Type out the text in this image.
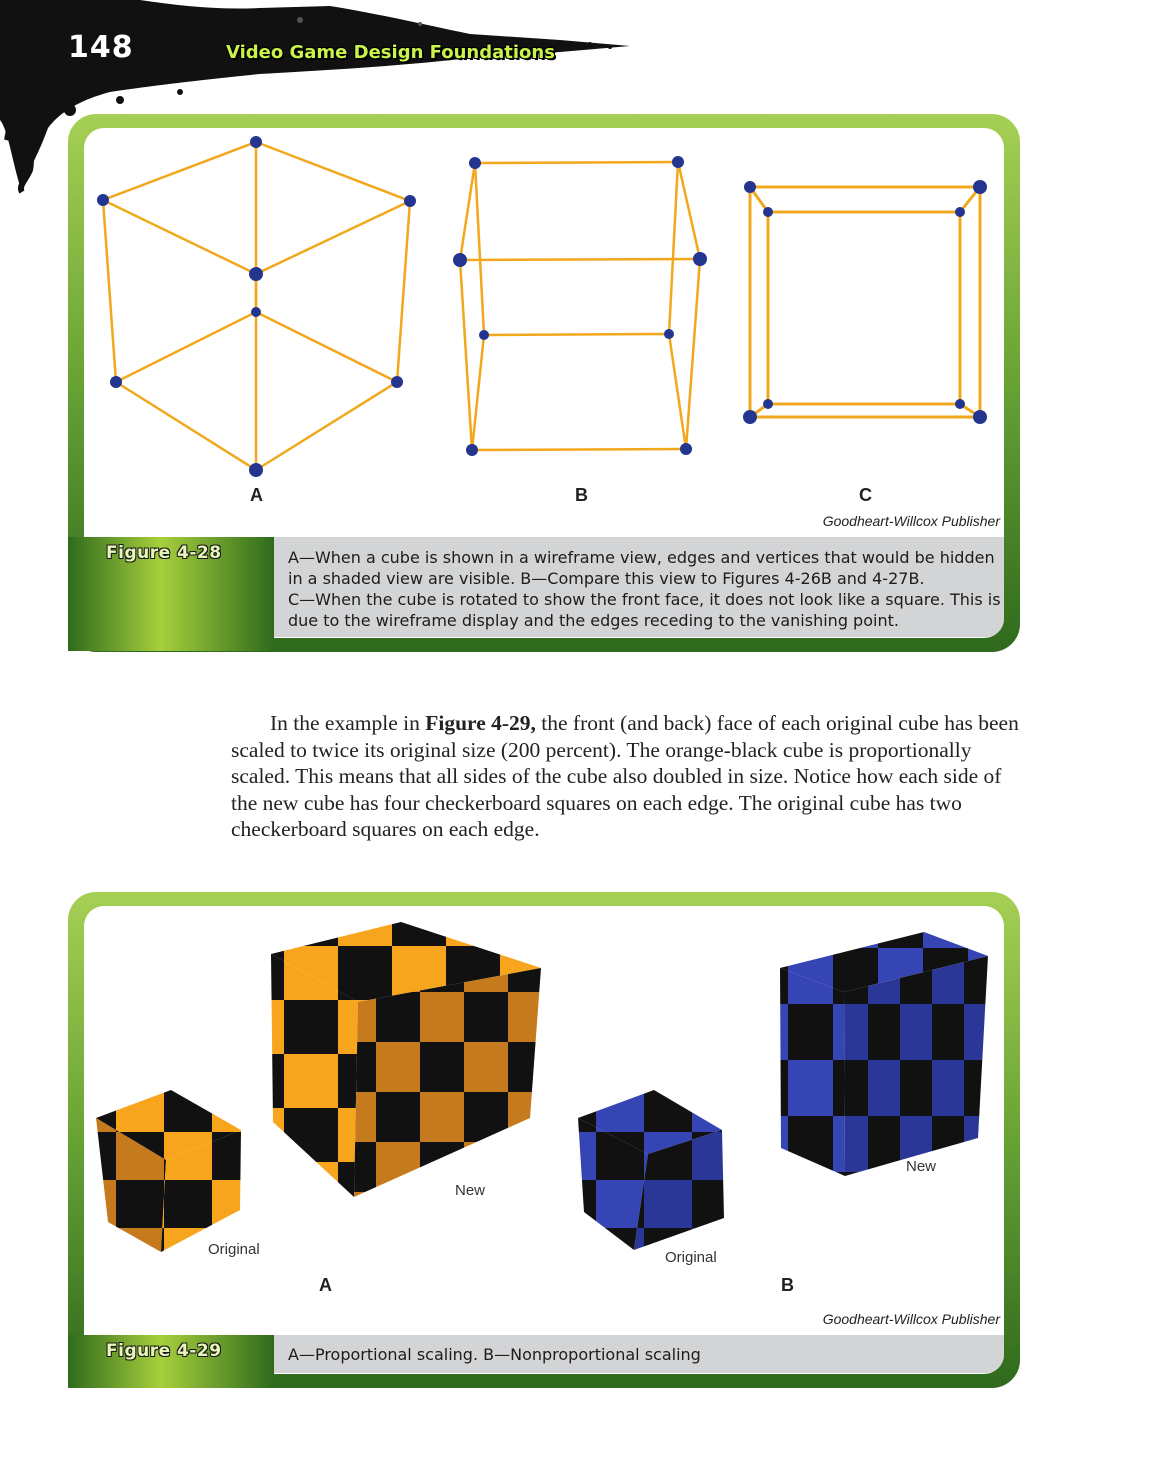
148	Video Game Design Foundations
A	B	C
Goodheart-Willcox Publisher
Figure 4-28	A—When a cube is shown in a wireframe view, edges and vertices that would be hidden
in a shaded view are visible. B—Compare this view to Figures 4-26B and 4-27B.
C—When the cube is rotated to show the front face, it does not look like a square. This is
due to the wireframe display and the edges receding to the vanishing point.
In the example in Figure 4-29, the front (and back) face of each original cube has been scaled to twice its original size (200 percent). The orange-black cube is proportionally scaled. This means that all sides of the cube also doubled in size. Notice how each side of the new cube has four checkerboard squares on each edge. The original cube has two checkerboard squares on each edge.
Original
New
Original
New
A	B
Goodheart-Willcox Publisher
Figure 4-29	A—Proportional scaling. B—Nonproportional scaling
